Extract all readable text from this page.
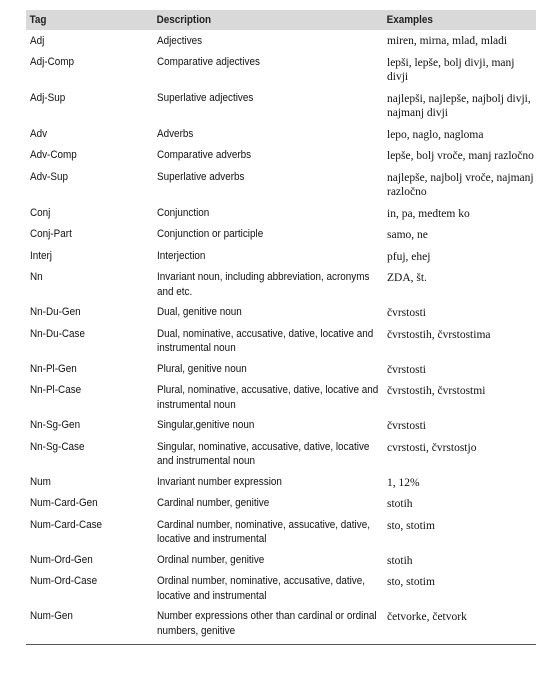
Tag	Description	Examples

Adj	Adjectives	miren, mirna, mlad, mladi

Adj-Comp	Comparative adjectives	lepši, lepše, bolj divji, manj divji

Adj-Sup	Superlative adjectives	najlepši, najlepše, najbolj divji, najmanj divji

Adv	Adverbs	lepo, naglo, nagloma

Adv-Comp	Comparative adverbs	lepše, bolj vroče, manj razločno

Adv-Sup	Superlative adverbs	najlepše, najbolj vroče, najmanj razločno

Conj	Conjunction	in, pa, medtem ko

Conj-Part	Conjunction or participle	samo, ne

Interj	Interjection	pfuj, ehej

Nn	Invariant noun, including abbreviation, acronyms and etc.	ZDA, št.

Nn-Du-Gen	Dual, genitive noun	čvrstosti

Nn-Du-Case	Dual, nominative, accusative, dative, locative and instrumental noun	čvrstostih, čvrstostima

Nn-Pl-Gen	Plural, genitive noun	čvrstosti

Nn-Pl-Case	Plural, nominative, accusative, dative, locative and instrumental noun	čvrstostih, čvrstostmi

Nn-Sg-Gen	Singular,genitive noun	čvrstosti

Nn-Sg-Case	Singular, nominative, accusative, dative, locative and instrumental noun	cvrstosti, čvrstostjo

Num	Invariant number expression	1, 12%

Num-Card-Gen	Cardinal number, genitive	stotih

Num-Card-Case	Cardinal number, nominative, assucative, dative, locative and instrumental	sto, stotim

Num-Ord-Gen	Ordinal number, genitive	stotih

Num-Ord-Case	Ordinal number, nominative, accusative, dative, locative and instrumental	sto, stotim

Num-Gen	Number expressions other than cardinal or ordinal numbers, genitive	četvorke, četvork
